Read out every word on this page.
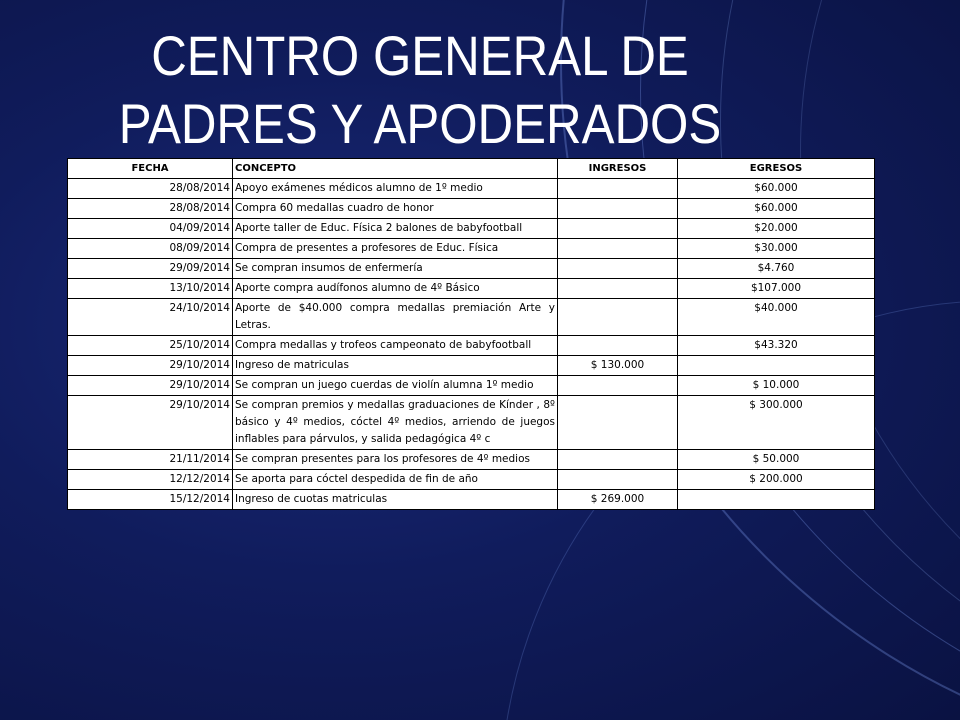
CENTRO GENERAL DE
PADRES Y APODERADOS
FECHA	CONCEPTO	INGRESOS	EGRESOS
28/08/2014	Apoyo exámenes médicos alumno de 1º medio		$60.000
28/08/2014	Compra 60 medallas cuadro de honor		$60.000
04/09/2014	Aporte taller de Educ. Física 2 balones de babyfootball		$20.000
08/09/2014	Compra de presentes a profesores de Educ. Física		$30.000
29/09/2014	Se compran insumos de enfermería		$4.760
13/10/2014	Aporte compra audífonos alumno de 4º Básico		$107.000
24/10/2014	Aporte de $40.000 compra medallas premiación Arte y Letras.		$40.000
25/10/2014	Compra medallas y trofeos campeonato de babyfootball		$43.320
29/10/2014	Ingreso de matriculas	$ 130.000	
29/10/2014	Se compran un juego cuerdas de violín alumna 1º medio		$ 10.000
29/10/2014	Se compran premios y medallas graduaciones de Kínder , 8º básico y 4º medios, cóctel 4º medios, arriendo de juegos inflables para párvulos, y salida pedagógica 4º c		$ 300.000
21/11/2014	Se compran presentes para los profesores de 4º medios		$ 50.000
12/12/2014	Se aporta para cóctel despedida de fin de año		$ 200.000
15/12/2014	Ingreso de cuotas matriculas	$ 269.000	
